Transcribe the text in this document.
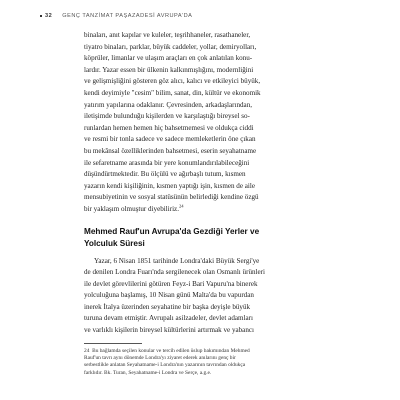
32 GENÇ TANZİMAT PAŞAZADESİ AVRUPA'DA
binaları, anıt kapılar ve kuleler, teşrihhaneler, rasathaneler,
tiyatro binaları, parklar, büyük caddeler, yollar, demiryolları,
köprüler, limanlar ve ulaşım araçları en çok anlatılan konu-
lardır. Yazar essen bir ülkenin kalkınmışlığını, modernliğini
ve gelişmişliğini gösteren göz alıcı, kalıcı ve etkileyici büyük,
kendi deyimiyle "cesim" bilim, sanat, din, kültür ve ekonomik
yatırım yapılarına odaklanır. Çevresinden, arkadaşlarından,
iletişimde bulunduğu kişilerden ve karşılaştığı bireysel so-
runlardan hemen hemen hiç bahsetmemesi ve oldukça ciddi
ve resmi bir tonla sadece ve sadece memleketlerin öne çıkan
bu mekânsal özelliklerinden bahsetmesi, eserin seyahatname
ile sefaretname arasında bir yere konumlandırılabileceğini
düşündürtmektedir. Bu ölçülü ve ağırbaşlı tutum, kısmen
yazarın kendi kişiliğinin, kısmen yaptığı işin, kısmen de aile
mensubiyetinin ve sosyal statüsünün belirlediği kendine özgü
bir yaklaşım olmuştur diyebiliriz.$^{24}$
Mehmed Rauf'un Avrupa'da Gezdiği Yerler ve
Yolculuk Süresi
Yazar, 6 Nisan 1851 tarihinde Londra'daki Büyük Sergi'ye
de denilen Londra Fuarı'nda sergilenecek olan Osmanlı ürünleri
ile devlet görevlilerini götüren Feyz-i Bari Vapuru'na binerek
yolculuğuna başlamış, 10 Nisan günü Malta'da bu vapurdan
inerek İtalya üzerinden seyahatine bir başka deyişle büyük
turuna devam etmiştir. Avrupalı asilzadeler, devlet adamları
ve varlıklı kişilerin bireysel kültürlerini artırmak ve yabancı
24 Bu bağlamda seçilen konular ve tercih edilen üslup bakımından Mehmed
Rauf'un tavrı aynı dönemde Londra'yı ziyaret ederek anılarını genç bir
serbestlikle anlatan Seyahatname-i Londra'nın yazarının tavrından oldukça
farklıdır. Bk. Turan, Seyahatname-i Londra ve Serçe, a.g.e.
